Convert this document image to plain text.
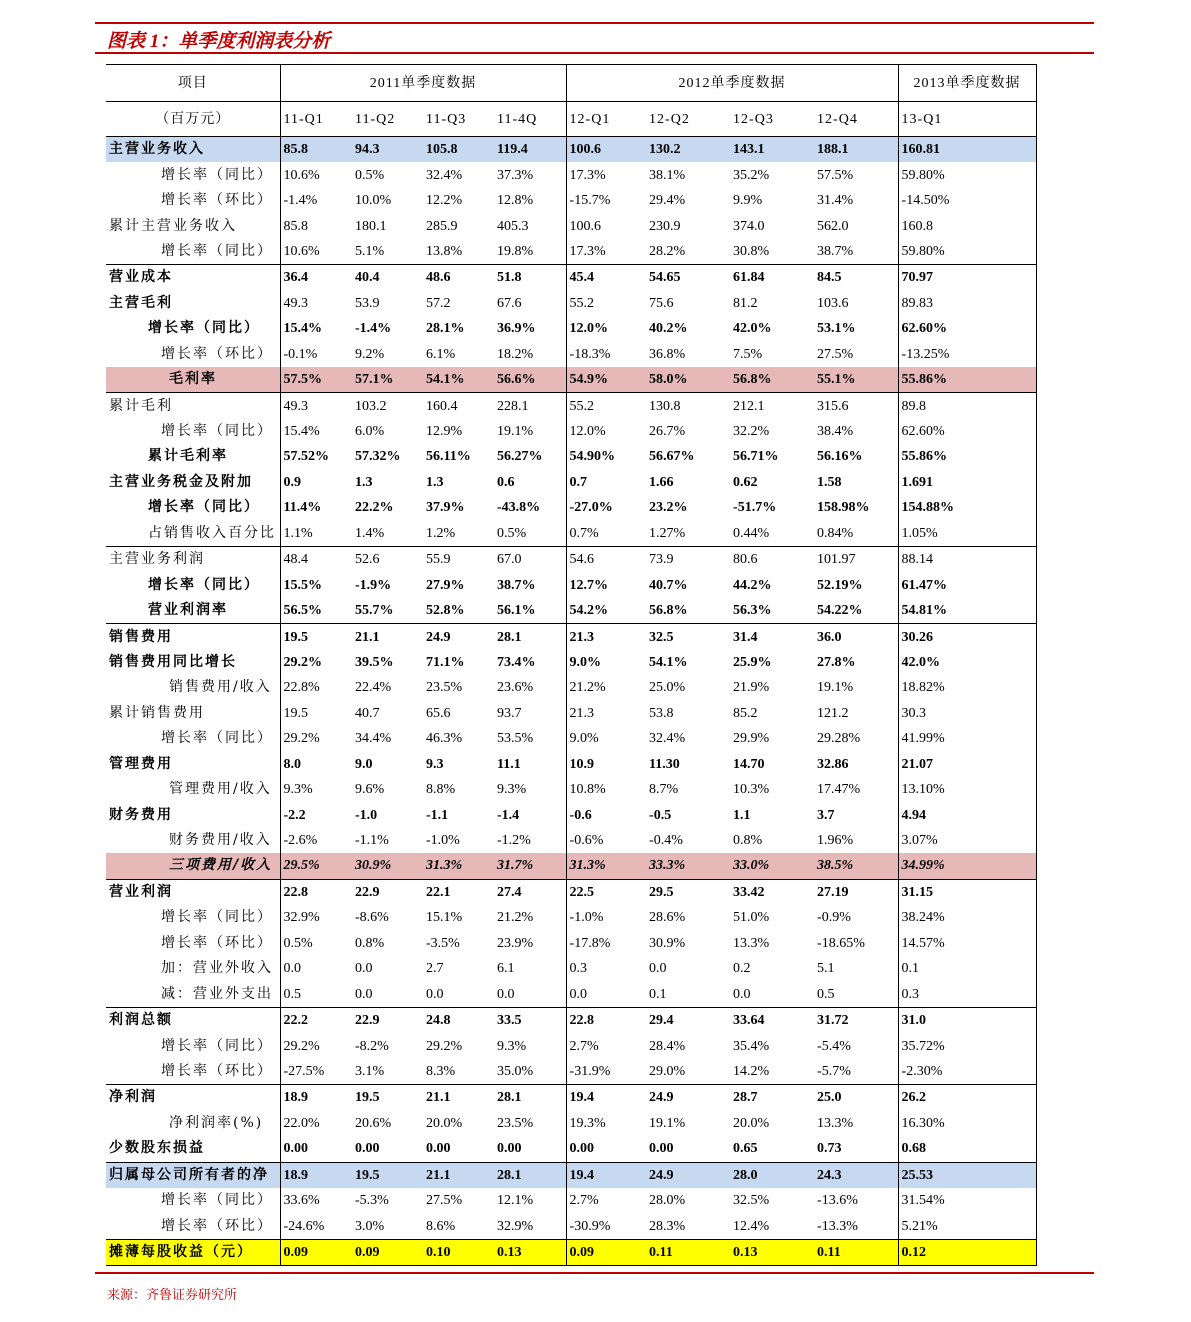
图表 1：单季度利润表分析
项目	2011单季度数据				2012单季度数据				2013单季度数据
（百万元）	11-Q1	11-Q2	11-Q3	11-4Q	12-Q1	12-Q2	12-Q3	12-Q4	13-Q1
主营业务收入	85.8	94.3	105.8	119.4	100.6	130.2	143.1	188.1	160.81
增长率（同比）	10.6%	0.5%	32.4%	37.3%	17.3%	38.1%	35.2%	57.5%	59.80%
增长率（环比）	-1.4%	10.0%	12.2%	12.8%	-15.7%	29.4%	9.9%	31.4%	-14.50%
累计主营业务收入	85.8	180.1	285.9	405.3	100.6	230.9	374.0	562.0	160.8
增长率（同比）	10.6%	5.1%	13.8%	19.8%	17.3%	28.2%	30.8%	38.7%	59.80%
营业成本	36.4	40.4	48.6	51.8	45.4	54.65	61.84	84.5	70.97
主营毛利	49.3	53.9	57.2	67.6	55.2	75.6	81.2	103.6	89.83
增长率（同比）	15.4%	-1.4%	28.1%	36.9%	12.0%	40.2%	42.0%	53.1%	62.60%
增长率（环比）	-0.1%	9.2%	6.1%	18.2%	-18.3%	36.8%	7.5%	27.5%	-13.25%
毛利率	57.5%	57.1%	54.1%	56.6%	54.9%	58.0%	56.8%	55.1%	55.86%
累计毛利	49.3	103.2	160.4	228.1	55.2	130.8	212.1	315.6	89.8
增长率（同比）	15.4%	6.0%	12.9%	19.1%	12.0%	26.7%	32.2%	38.4%	62.60%
累计毛利率	57.52%	57.32%	56.11%	56.27%	54.90%	56.67%	56.71%	56.16%	55.86%
主营业务税金及附加	0.9	1.3	1.3	0.6	0.7	1.66	0.62	1.58	1.691
增长率（同比）	11.4%	22.2%	37.9%	-43.8%	-27.0%	23.2%	-51.7%	158.98%	154.88%
占销售收入百分比	1.1%	1.4%	1.2%	0.5%	0.7%	1.27%	0.44%	0.84%	1.05%
主营业务利润	48.4	52.6	55.9	67.0	54.6	73.9	80.6	101.97	88.14
增长率（同比）	15.5%	-1.9%	27.9%	38.7%	12.7%	40.7%	44.2%	52.19%	61.47%
营业利润率	56.5%	55.7%	52.8%	56.1%	54.2%	56.8%	56.3%	54.22%	54.81%
销售费用	19.5	21.1	24.9	28.1	21.3	32.5	31.4	36.0	30.26
销售费用同比增长	29.2%	39.5%	71.1%	73.4%	9.0%	54.1%	25.9%	27.8%	42.0%
销售费用/收入	22.8%	22.4%	23.5%	23.6%	21.2%	25.0%	21.9%	19.1%	18.82%
累计销售费用	19.5	40.7	65.6	93.7	21.3	53.8	85.2	121.2	30.3
增长率（同比）	29.2%	34.4%	46.3%	53.5%	9.0%	32.4%	29.9%	29.28%	41.99%
管理费用	8.0	9.0	9.3	11.1	10.9	11.30	14.70	32.86	21.07
管理费用/收入	9.3%	9.6%	8.8%	9.3%	10.8%	8.7%	10.3%	17.47%	13.10%
财务费用	-2.2	-1.0	-1.1	-1.4	-0.6	-0.5	1.1	3.7	4.94
财务费用/收入	-2.6%	-1.1%	-1.0%	-1.2%	-0.6%	-0.4%	0.8%	1.96%	3.07%
三项费用/收入	29.5%	30.9%	31.3%	31.7%	31.3%	33.3%	33.0%	38.5%	34.99%
营业利润	22.8	22.9	22.1	27.4	22.5	29.5	33.42	27.19	31.15
增长率（同比）	32.9%	-8.6%	15.1%	21.2%	-1.0%	28.6%	51.0%	-0.9%	38.24%
增长率（环比）	0.5%	0.8%	-3.5%	23.9%	-17.8%	30.9%	13.3%	-18.65%	14.57%
加：营业外收入	0.0	0.0	2.7	6.1	0.3	0.0	0.2	5.1	0.1
减：营业外支出	0.5	0.0	0.0	0.0	0.0	0.1	0.0	0.5	0.3
利润总额	22.2	22.9	24.8	33.5	22.8	29.4	33.64	31.72	31.0
增长率（同比）	29.2%	-8.2%	29.2%	9.3%	2.7%	28.4%	35.4%	-5.4%	35.72%
增长率（环比）	-27.5%	3.1%	8.3%	35.0%	-31.9%	29.0%	14.2%	-5.7%	-2.30%
净利润	18.9	19.5	21.1	28.1	19.4	24.9	28.7	25.0	26.2
净利润率(%)	22.0%	20.6%	20.0%	23.5%	19.3%	19.1%	20.0%	13.3%	16.30%
少数股东损益	0.00	0.00	0.00	0.00	0.00	0.00	0.65	0.73	0.68
归属母公司所有者的净	18.9	19.5	21.1	28.1	19.4	24.9	28.0	24.3	25.53
增长率（同比）	33.6%	-5.3%	27.5%	12.1%	2.7%	28.0%	32.5%	-13.6%	31.54%
增长率（环比）	-24.6%	3.0%	8.6%	32.9%	-30.9%	28.3%	12.4%	-13.3%	5.21%
摊薄每股收益（元）	0.09	0.09	0.10	0.13	0.09	0.11	0.13	0.11	0.12
来源：齐鲁证券研究所
